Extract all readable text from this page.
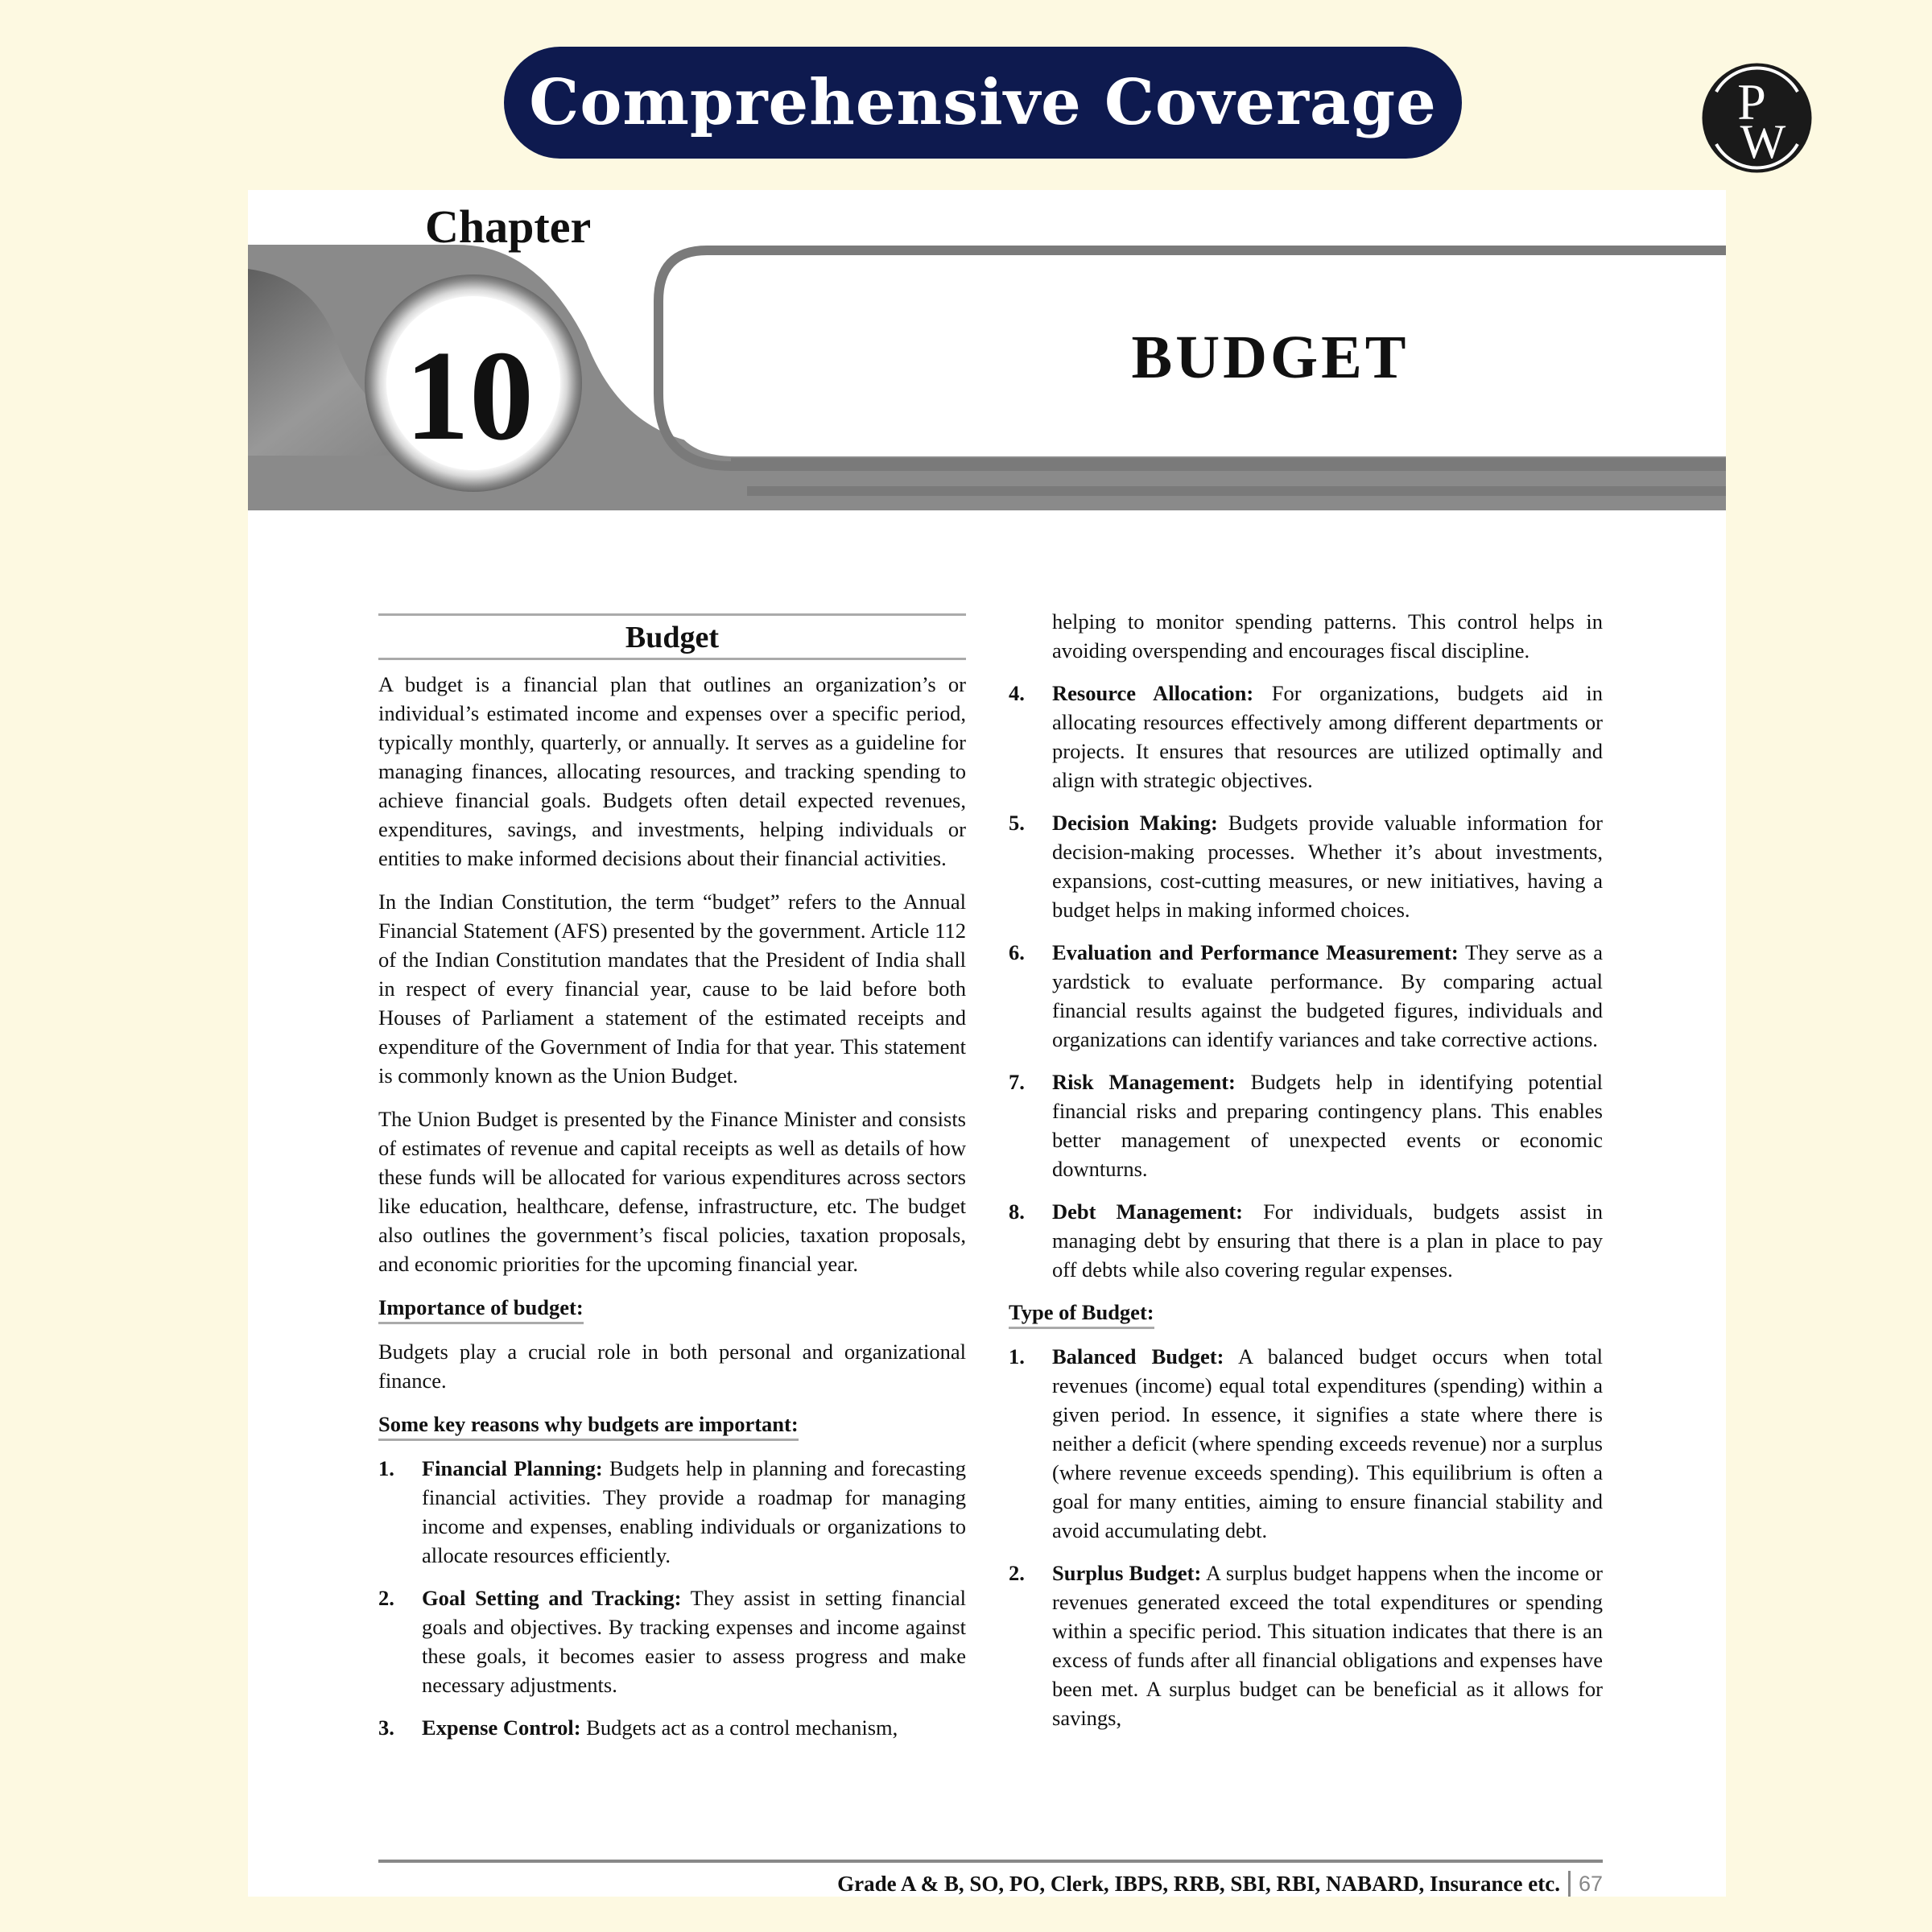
Comprehensive Coverage	P
W
Chapter
10	BUDGET
Budget

A budget is a financial plan that outlines an organization’s or individual’s estimated income and expenses over a specific period, typically monthly, quarterly, or annually. It serves as a guideline for managing finances, allocating resources, and tracking spending to achieve financial goals. Budgets often detail expected revenues, expenditures, savings, and investments, helping individuals or entities to make informed decisions about their financial activities.

In the Indian Constitution, the term “budget” refers to the Annual Financial Statement (AFS) presented by the government. Article 112 of the Indian Constitution mandates that the President of India shall in respect of every financial year, cause to be laid before both Houses of Parliament a statement of the estimated receipts and expenditure of the Government of India for that year. This statement is commonly known as the Union Budget.

The Union Budget is presented by the Finance Minister and consists of estimates of revenue and capital receipts as well as details of how these funds will be allocated for various expenditures across sectors like education, healthcare, defense, infrastructure, etc. The budget also outlines the government’s fiscal policies, taxation proposals, and economic priorities for the upcoming financial year.

Importance of budget:

Budgets play a crucial role in both personal and organizational finance.

Some key reasons why budgets are important:
1. Financial Planning: Budgets help in planning and forecasting financial activities. They provide a roadmap for managing income and expenses, enabling individuals or organizations to allocate resources efficiently.
2. Goal Setting and Tracking: They assist in setting financial goals and objectives. By tracking expenses and income against these goals, it becomes easier to assess progress and make necessary adjustments.
3. Expense Control: Budgets act as a control mechanism,
helping to monitor spending patterns. This control helps in avoiding overspending and encourages fiscal discipline.
4. Resource Allocation: For organizations, budgets aid in allocating resources effectively among different departments or projects. It ensures that resources are utilized optimally and align with strategic objectives.
5. Decision Making: Budgets provide valuable information for decision-making processes. Whether it’s about investments, expansions, cost-cutting measures, or new initiatives, having a budget helps in making informed choices.
6. Evaluation and Performance Measurement: They serve as a yardstick to evaluate performance. By comparing actual financial results against the budgeted figures, individuals and organizations can identify variances and take corrective actions.
7. Risk Management: Budgets help in identifying potential financial risks and preparing contingency plans. This enables better management of unexpected events or economic downturns.
8. Debt Management: For individuals, budgets assist in managing debt by ensuring that there is a plan in place to pay off debts while also covering regular expenses.
Type of Budget:
1. Balanced Budget: A balanced budget occurs when total revenues (income) equal total expenditures (spending) within a given period. In essence, it signifies a state where there is neither a deficit (where spending exceeds revenue) nor a surplus (where revenue exceeds spending). This equilibrium is often a goal for many entities, aiming to ensure financial stability and avoid accumulating debt.
2. Surplus Budget: A surplus budget happens when the income or revenues generated exceed the total expenditures or spending within a specific period. This situation indicates that there is an excess of funds after all financial obligations and expenses have been met. A surplus budget can be beneficial as it allows for savings,
Grade A & B, SO, PO, Clerk, IBPS, RRB, SBI, RBI, NABARD, Insurance etc. 67
